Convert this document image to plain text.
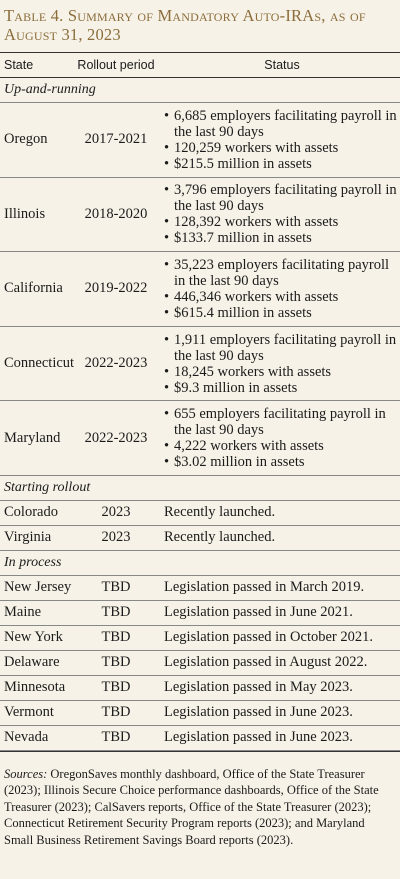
Table 4. Summary of Mandatory Auto-IRAs, as of August 31, 2023
State	Rollout period	Status
Up-and-running
Oregon	2017-2021
• 6,685 employers facilitating payroll in the last 90 days
• 120,259 workers with assets
• $215.5 million in assets
Illinois	2018-2020
• 3,796 employers facilitating payroll in the last 90 days
• 128,392 workers with assets
• $133.7 million in assets
California	2019-2022
• 35,223 employers facilitating payroll in the last 90 days
• 446,346 workers with assets
• $615.4 million in assets
Connecticut 2022-2023
• 1,911 employers facilitating payroll in the last 90 days
• 18,245 workers with assets
• $9.3 million in assets
Maryland	2022-2023
• 655 employers facilitating payroll in the last 90 days
• 4,222 workers with assets
• $3.02 million in assets
Starting rollout
Colorado	2023	Recently launched.
Virginia	2023	Recently launched.
In process
New Jersey	TBD	Legislation passed in March 2019.
Maine	TBD	Legislation passed in June 2021.
New York	TBD	Legislation passed in October 2021.
Delaware	TBD	Legislation passed in August 2022.
Minnesota	TBD	Legislation passed in May 2023.
Vermont	TBD	Legislation passed in June 2023.
Nevada	TBD	Legislation passed in June 2023.
Sources: OregonSaves monthly dashboard, Office of the State Treasurer (2023); Illinois Secure Choice performance dashboards, Office of the State Treasurer (2023); CalSavers reports, Office of the State Treasurer (2023); Connecticut Retirement Security Program reports (2023); and Maryland Small Business Retirement Savings Board reports (2023).
